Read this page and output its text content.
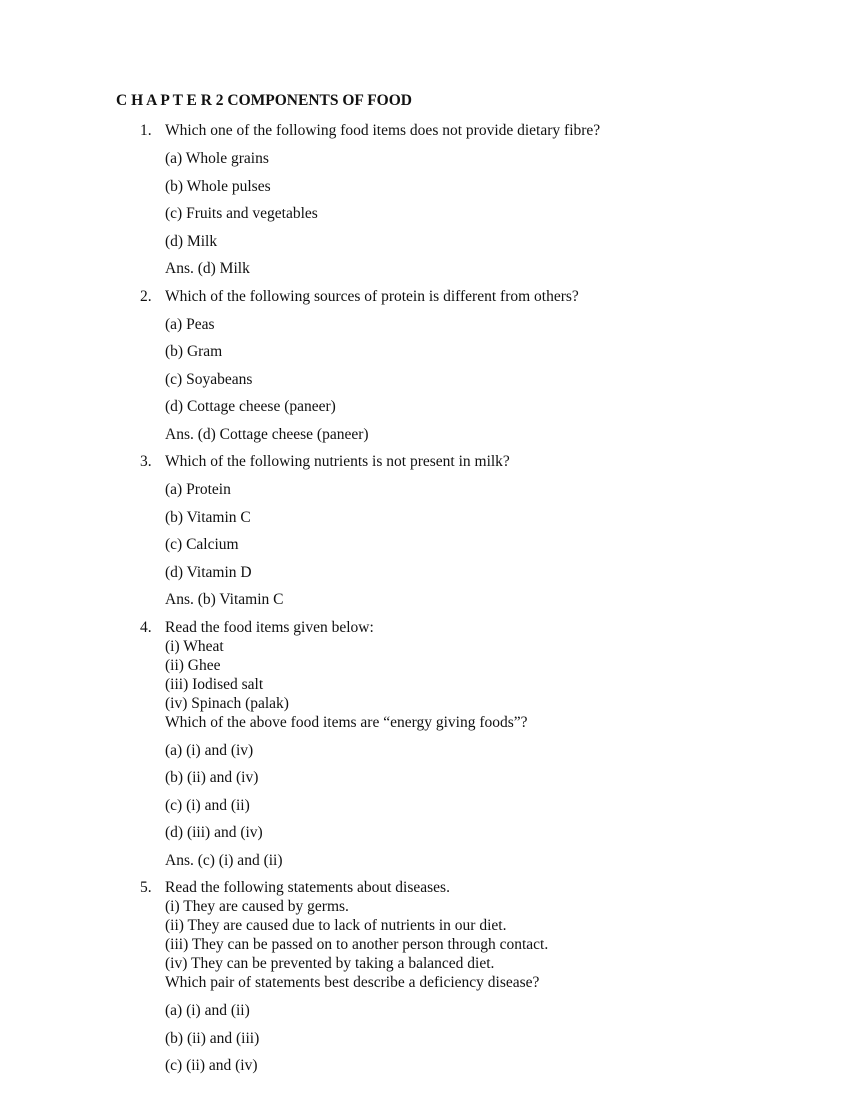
C H A P T E R 2 COMPONENTS OF FOOD
1. Which one of the following food items does not provide dietary fibre?
(a) Whole grains
(b) Whole pulses
(c) Fruits and vegetables
(d) Milk
Ans. (d) Milk
2. Which of the following sources of protein is different from others?
(a) Peas
(b) Gram
(c) Soyabeans
(d) Cottage cheese (paneer)
Ans. (d) Cottage cheese (paneer)
3. Which of the following nutrients is not present in milk?
(a) Protein
(b) Vitamin C
(c) Calcium
(d) Vitamin D
Ans. (b) Vitamin C
4. Read the food items given below:
(i) Wheat
(ii) Ghee
(iii) Iodised salt
(iv) Spinach (palak)
Which of the above food items are “energy giving foods”?
(a) (i) and (iv)
(b) (ii) and (iv)
(c) (i) and (ii)
(d) (iii) and (iv)
Ans. (c) (i) and (ii)
5. Read the following statements about diseases.
(i) They are caused by germs.
(ii) They are caused due to lack of nutrients in our diet.
(iii) They can be passed on to another person through contact.
(iv) They can be prevented by taking a balanced diet.
Which pair of statements best describe a deficiency disease?
(a) (i) and (ii)
(b) (ii) and (iii)
(c) (ii) and (iv)
